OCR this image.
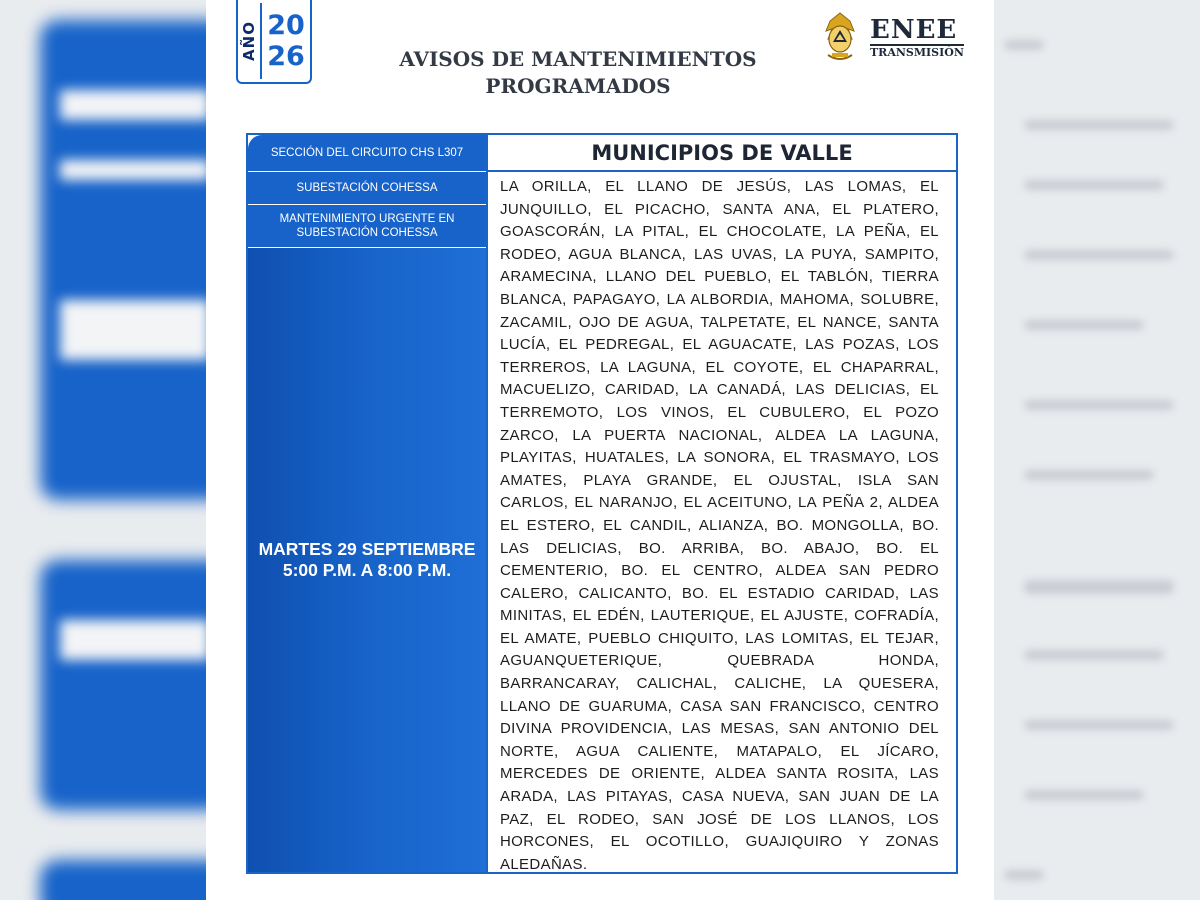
AÑO 20
26	AVISOS DE MANTENIMIENTOS
PROGRAMADOS
ENEE
TRANSMISIÓN
SECCIÓN DEL CIRCUITO CHS L307
SUBESTACIÓN COHESSA
MANTENIMIENTO URGENTE EN SUBESTACIÓN COHESSA
MARTES 29 SEPTIEMBRE
5:00 P.M. A 8:00 P.M.
MUNICIPIOS DE VALLE

LA ORILLA, EL LLANO DE JESÚS, LAS LOMAS, EL JUNQUILLO, EL PICACHO, SANTA ANA, EL PLATERO, GOASCORÁN, LA PITAL, EL CHOCOLATE, LA PEÑA, EL RODEO, AGUA BLANCA, LAS UVAS, LA PUYA, SAMPITO, ARAMECINA, LLANO DEL PUEBLO, EL TABLÓN, TIERRA BLANCA, PAPAGAYO, LA ALBORDIA, MAHOMA, SOLUBRE, ZACAMIL, OJO DE AGUA, TALPETATE, EL NANCE, SANTA LUCÍA, EL PEDREGAL, EL AGUACATE, LAS POZAS, LOS TERREROS, LA LAGUNA, EL COYOTE, EL CHAPARRAL, MACUELIZO, CARIDAD, LA CANADÁ, LAS DELICIAS, EL TERREMOTO, LOS VINOS, EL CUBULERO, EL POZO ZARCO, LA PUERTA NACIONAL, ALDEA LA LAGUNA, PLAYITAS, HUATALES, LA SONORA, EL TRASMAYO, LOS AMATES, PLAYA GRANDE, EL OJUSTAL, ISLA SAN CARLOS, EL NARANJO, EL ACEITUNO, LA PEÑA 2, ALDEA EL ESTERO, EL CANDIL, ALIANZA, BO. MONGOLLA, BO. LAS DELICIAS, BO. ARRIBA, BO. ABAJO, BO. EL CEMENTERIO, BO. EL CENTRO, ALDEA SAN PEDRO CALERO, CALICANTO, BO. EL ESTADIO CARIDAD, LAS MINITAS, EL EDÉN, LAUTERIQUE, EL AJUSTE, COFRADÍA, EL AMATE, PUEBLO CHIQUITO, LAS LOMITAS, EL TEJAR, AGUANQUETERIQUE, QUEBRADA HONDA, BARRANCARAY, CALICHAL, CALICHE, LA QUESERA, LLANO DE GUARUMA, CASA SAN FRANCISCO, CENTRO DIVINA PROVIDENCIA, LAS MESAS, SAN ANTONIO DEL NORTE, AGUA CALIENTE, MATAPALO, EL JÍCARO, MERCEDES DE ORIENTE, ALDEA SANTA ROSITA, LAS ARADA, LAS PITAYAS, CASA NUEVA, SAN JUAN DE LA PAZ, EL RODEO, SAN JOSÉ DE LOS LLANOS, LOS HORCONES, EL OCOTILLO, GUAJIQUIRO Y ZONAS ALEDAÑAS.
